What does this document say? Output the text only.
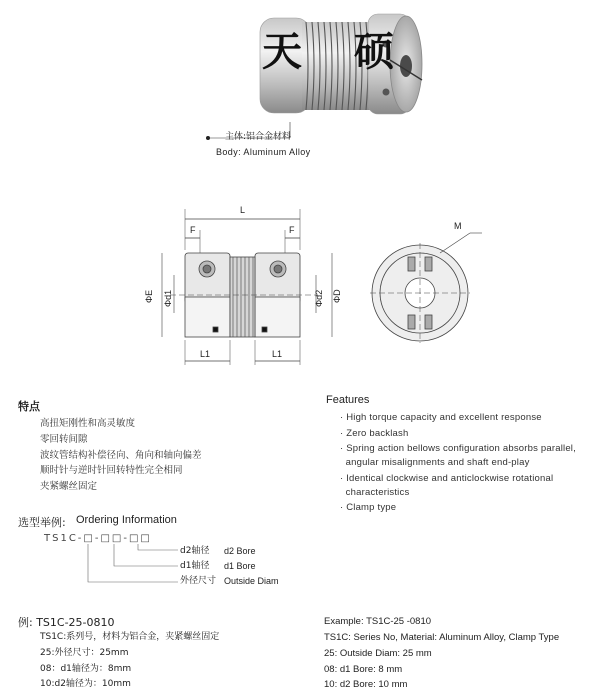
天　硕
主体:铝合金材料
Body: Aluminum Alloy
L
F	F
ΦE Φd1	Φd2 ΦD
L1	L1
M
特点
高扭矩刚性和高灵敏度
零回转间隙
波纹管结构补偿径向、角向和轴向偏差
顺时针与逆时针回转特性完全相同
夹紧螺丝固定
Features
· High torque capacity and excellent response
· Zero backlash
· Spring action bellows configuration absorbs parallel,
angular misalignments and shaft end-play
· Identical clockwise and anticlockwise rotational
characteristics
· Clamp type
选型举例: Ordering Information
TS1C-□-□□-□□
d2轴径 d2 Bore
d1轴径 d1 Bore
外径尺寸 Outside Diam
例: TS1C-25-0810
TS1C:系列号，材料为铝合金，夹紧螺丝固定
25:外径尺寸：25mm
08：d1轴径为：8mm
10:d2轴径为：10mm
Example: TS1C-25 -0810
TS1C: Series No, Material: Aluminum Alloy, Clamp Type
25: Outside Diam: 25 mm
08: d1 Bore: 8 mm
10: d2 Bore: 10 mm
